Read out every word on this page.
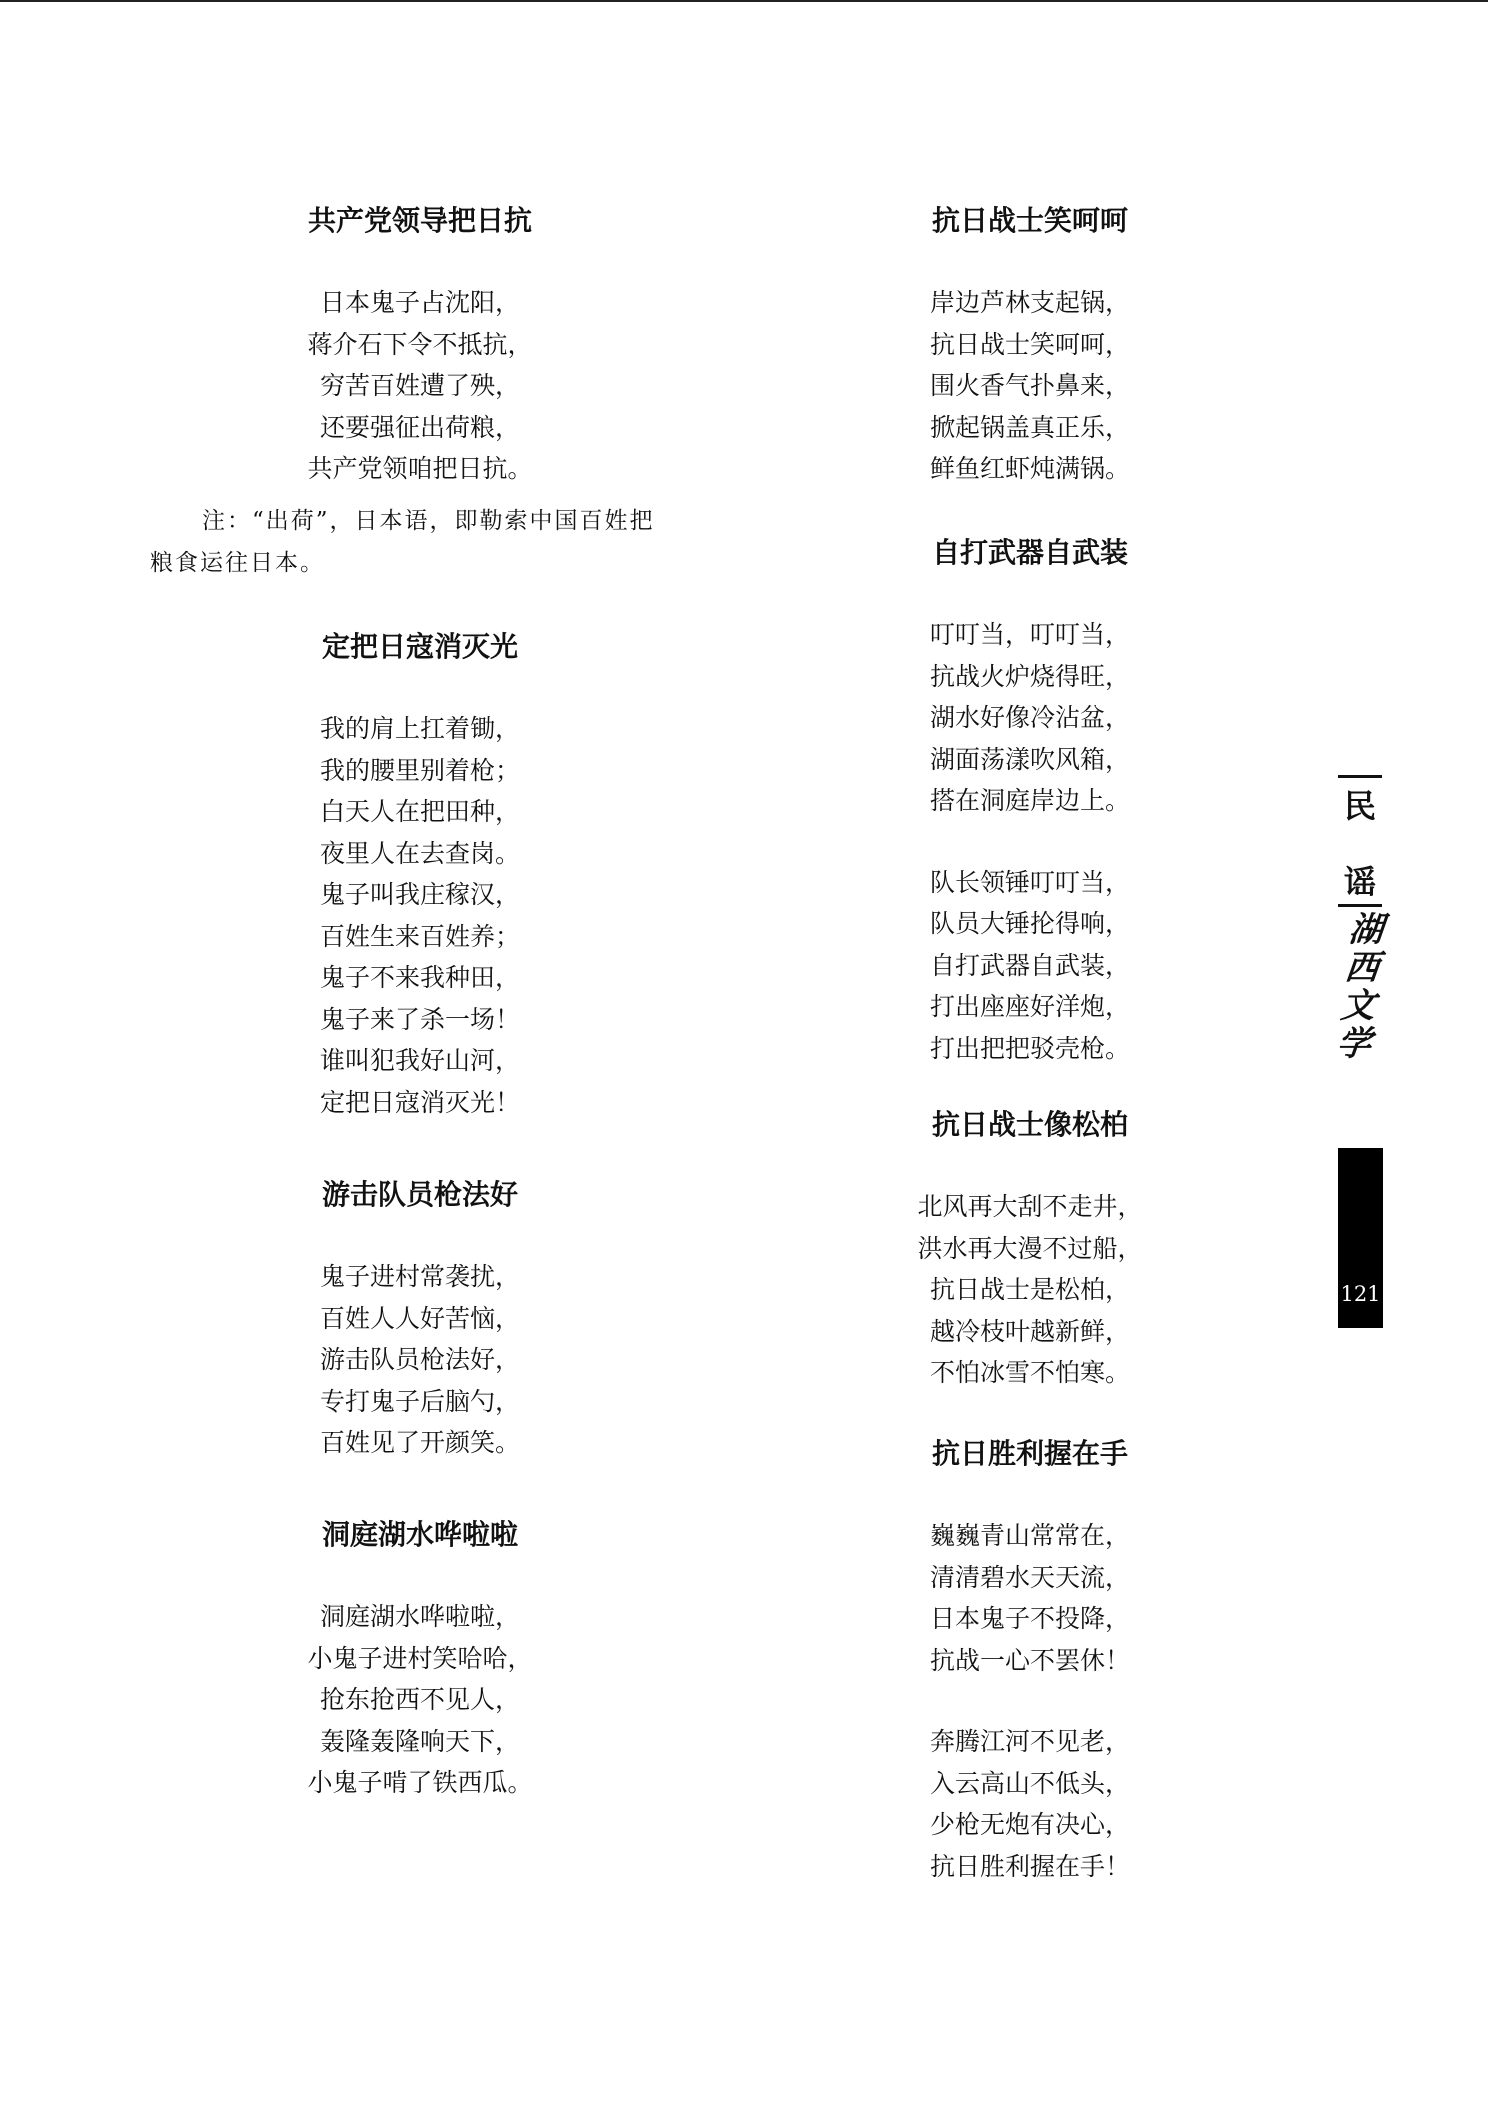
共产党领导把日抗
日本鬼子占沈阳，
蒋介石下令不抵抗，
穷苦百姓遭了殃，
还要强征出荷粮，
共产党领咱把日抗。
注：“出荷”，日本语，即勒索中国百姓把
粮食运往日本。
定把日寇消灭光
我的肩上扛着锄，
我的腰里别着枪；
白天人在把田种，
夜里人在去查岗。
鬼子叫我庄稼汉，
百姓生来百姓养；
鬼子不来我种田，
鬼子来了杀一场！
谁叫犯我好山河，
定把日寇消灭光！
游击队员枪法好
鬼子进村常袭扰，
百姓人人好苦恼，
游击队员枪法好，
专打鬼子后脑勺，
百姓见了开颜笑。
洞庭湖水哗啦啦
洞庭湖水哗啦啦，
小鬼子进村笑哈哈，
抢东抢西不见人，
轰隆轰隆响天下，
小鬼子啃了铁西瓜。
抗日战士笑呵呵
岸边芦林支起锅，
抗日战士笑呵呵，
围火香气扑鼻来，
掀起锅盖真正乐，
鲜鱼红虾炖满锅。
自打武器自武装
叮叮当，叮叮当，
抗战火炉烧得旺，
湖水好像冷沾盆，
湖面荡漾吹风箱，
搭在洞庭岸边上。
队长领锤叮叮当，
队员大锤抡得响，
自打武器自武装，
打出座座好洋炮，
打出把把驳壳枪。
抗日战士像松柏
北风再大刮不走井，
洪水再大漫不过船，
抗日战士是松柏，
越冷枝叶越新鲜，
不怕冰雪不怕寒。
抗日胜利握在手
巍巍青山常常在，
清清碧水天天流，
日本鬼子不投降，
抗战一心不罢休！
奔腾江河不见老，
入云高山不低头，
少枪无炮有决心，
抗日胜利握在手！
民
谣
湖
西
文
学
121
